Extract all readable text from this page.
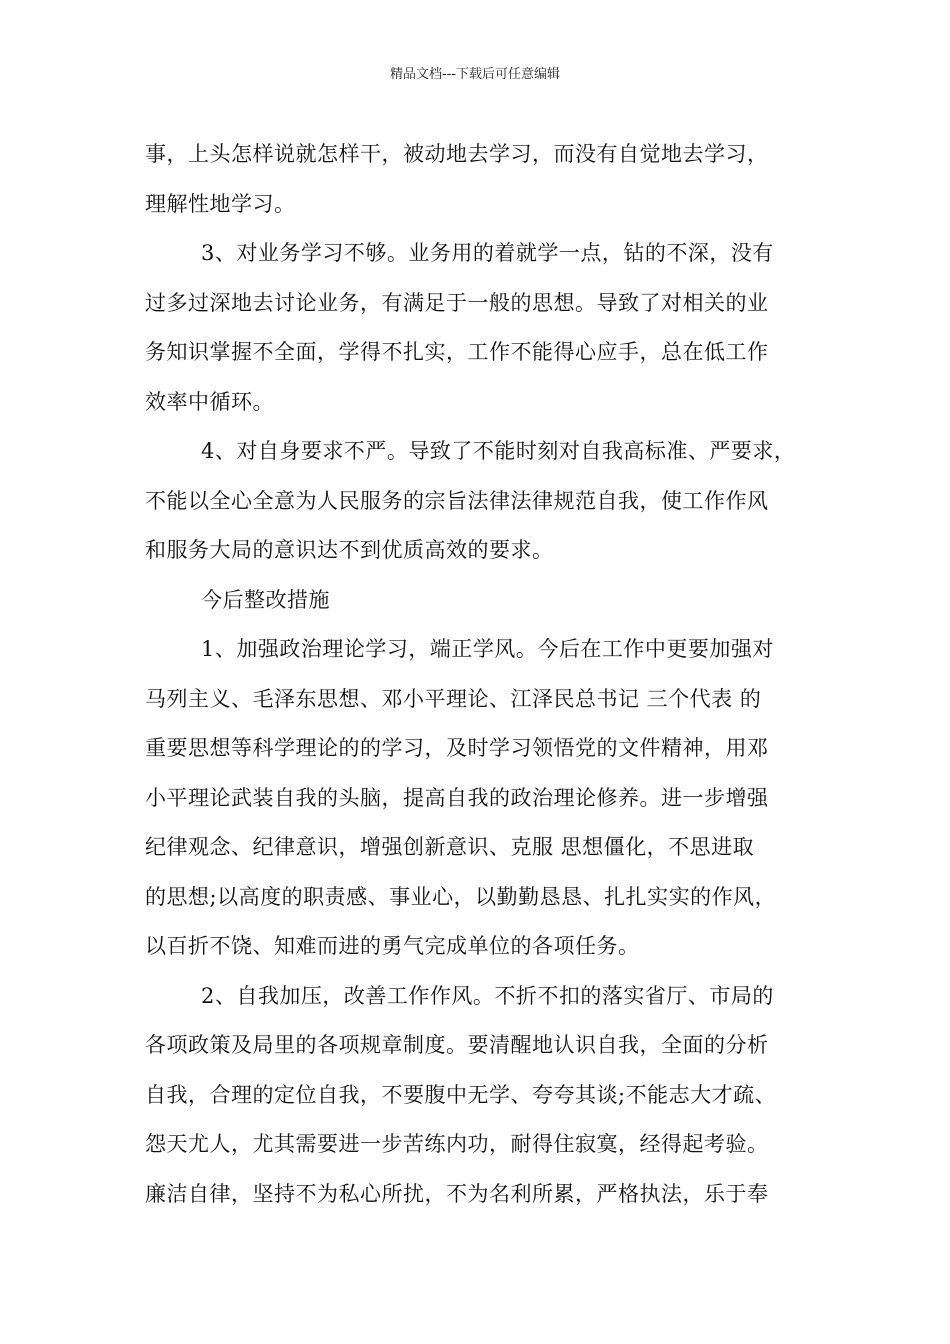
精品文档---下载后可任意编辑
事，上头怎样说就怎样干，被动地去学习，而没有自觉地去学习，
理解性地学习。
3、对业务学习不够。业务用的着就学一点，钻的不深，没有
过多过深地去讨论业务，有满足于一般的思想。导致了对相关的业
务知识掌握不全面，学得不扎实，工作不能得心应手，总在低工作
效率中循环。
4、对自身要求不严。导致了不能时刻对自我高标准、严要求，
不能以全心全意为人民服务的宗旨法律法律规范自我，使工作作风
和服务大局的意识达不到优质高效的要求。
今后整改措施
1、加强政治理论学习，端正学风。今后在工作中更要加强对
马列主义、毛泽东思想、邓小平理论、江泽民总书记 三个代表 的
重要思想等科学理论的的学习，及时学习领悟党的文件精神，用邓
小平理论武装自我的头脑，提高自我的政治理论修养。进一步增强
纪律观念、纪律意识，增强创新意识、克服 思想僵化，不思进取
的思想;以高度的职责感、事业心，以勤勤恳恳、扎扎实实的作风，
以百折不饶、知难而进的勇气完成单位的各项任务。
2、自我加压，改善工作作风。不折不扣的落实省厅、市局的
各项政策及局里的各项规章制度。要清醒地认识自我，全面的分析
自我，合理的定位自我，不要腹中无学、夸夸其谈;不能志大才疏、
怨天尤人，尤其需要进一步苦练内功，耐得住寂寞，经得起考验。
廉洁自律，坚持不为私心所扰，不为名利所累，严格执法，乐于奉
